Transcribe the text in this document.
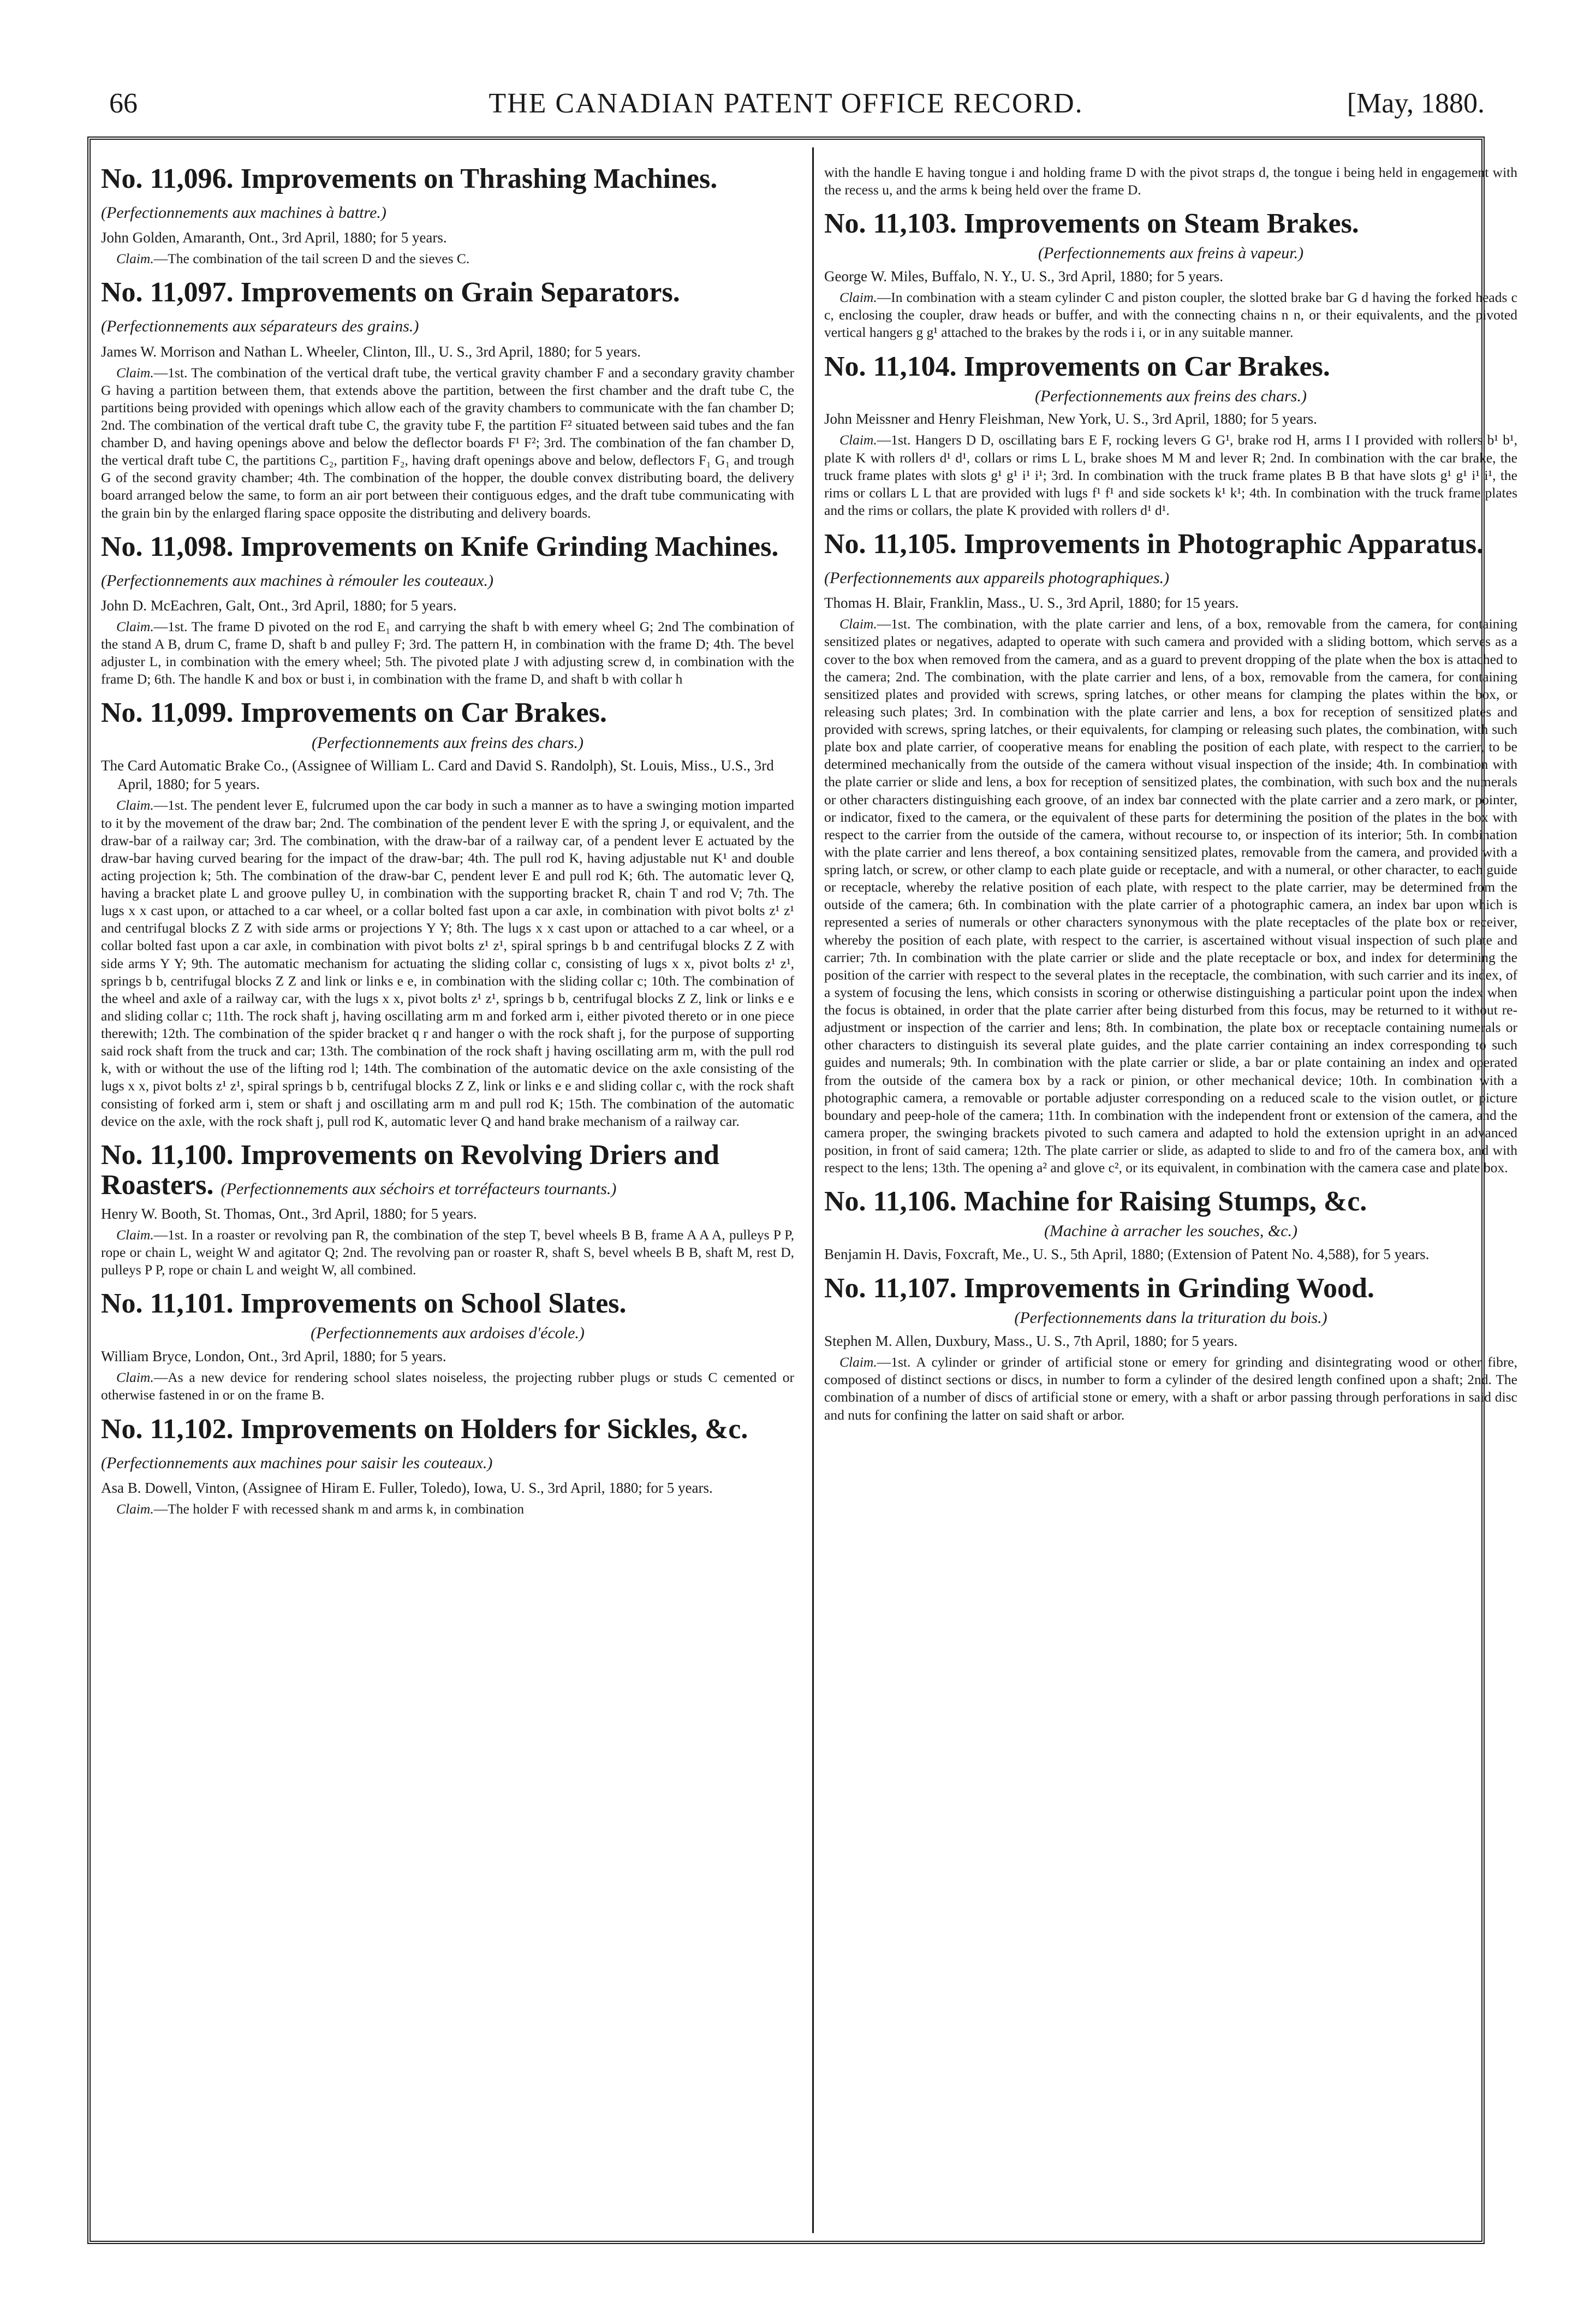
66	THE CANADIAN PATENT OFFICE RECORD.	[May, 1880.
No. 11,096. Improvements on Thrashing Machines. (Perfectionnements aux machines à battre.)

John Golden, Amaranth, Ont., 3rd April, 1880; for 5 years.

Claim.—The combination of the tail screen D and the sieves C.

No. 11,097. Improvements on Grain Separators. (Perfectionnements aux séparateurs des grains.)

James W. Morrison and Nathan L. Wheeler, Clinton, Ill., U. S., 3rd April, 1880; for 5 years.

Claim.—1st. The combination of the vertical draft tube, the vertical gravity chamber F and a secondary gravity chamber G having a partition between them, that extends above the partition, between the first chamber and the draft tube C, the partitions being provided with openings which allow each of the gravity chambers to communicate with the fan chamber D; 2nd. The combination of the vertical draft tube C, the gravity tube F, the partition F² situated between said tubes and the fan chamber D, and having openings above and below the deflector boards F¹ F²; 3rd. The combination of the fan chamber D, the vertical draft tube C, the partitions C₂, partition F₂, having draft openings above and below, deflectors F₁ G₁ and trough G of the second gravity chamber; 4th. The combination of the hopper, the double convex distributing board, the delivery board arranged below the same, to form an air port between their contiguous edges, and the draft tube communicating with the grain bin by the enlarged flaring space opposite the distributing and delivery boards.

No. 11,098. Improvements on Knife Grinding Machines. (Perfectionnements aux machines à rémouler les couteaux.)

John D. McEachren, Galt, Ont., 3rd April, 1880; for 5 years.

Claim.—1st. The frame D pivoted on the rod E₁ and carrying the shaft b with emery wheel G; 2nd The combination of the stand A B, drum C, frame D, shaft b and pulley F; 3rd. The pattern H, in combination with the frame D; 4th. The bevel adjuster L, in combination with the emery wheel; 5th. The pivoted plate J with adjusting screw d, in combination with the frame D; 6th. The handle K and box or bust i, in combination with the frame D, and shaft b with collar h

No. 11,099. Improvements on Car Brakes.
(Perfectionnements aux freins des chars.)

The Card Automatic Brake Co., (Assignee of William L. Card and David S. Randolph), St. Louis, Miss., U.S., 3rd April, 1880; for 5 years.

Claim.—1st. The pendent lever E, fulcrumed upon the car body in such a manner as to have a swinging motion imparted to it by the movement of the draw bar; 2nd. The combination of the pendent lever E with the spring J, or equivalent, and the draw-bar of a railway car; 3rd. The combination, with the draw-bar of a railway car, of a pendent lever E actuated by the draw-bar having curved bearing for the impact of the draw-bar; 4th. The pull rod K, having adjustable nut K¹ and double acting projection k; 5th. The combination of the draw-bar C, pendent lever E and pull rod K; 6th. The automatic lever Q, having a bracket plate L and groove pulley U, in combination with the supporting bracket R, chain T and rod V; 7th. The lugs x x cast upon, or attached to a car wheel, or a collar bolted fast upon a car axle, in combination with pivot bolts z¹ z¹ and centrifugal blocks Z Z with side arms or projections Y Y; 8th. The lugs x x cast upon or attached to a car wheel, or a collar bolted fast upon a car axle, in combination with pivot bolts z¹ z¹, spiral springs b b and centrifugal blocks Z Z with side arms Y Y; 9th. The automatic mechanism for actuating the sliding collar c, consisting of lugs x x, pivot bolts z¹ z¹, springs b b, centrifugal blocks Z Z and link or links e e, in combination with the sliding collar c; 10th. The combination of the wheel and axle of a railway car, with the lugs x x, pivot bolts z¹ z¹, springs b b, centrifugal blocks Z Z, link or links e e and sliding collar c; 11th. The rock shaft j, having oscillating arm m and forked arm i, either pivoted thereto or in one piece therewith; 12th. The combination of the spider bracket q r and hanger o with the rock shaft j, for the purpose of supporting said rock shaft from the truck and car; 13th. The combination of the rock shaft j having oscillating arm m, with the pull rod k, with or without the use of the lifting rod l; 14th. The combination of the automatic device on the axle consisting of the lugs x x, pivot bolts z¹ z¹, spiral springs b b, centrifugal blocks Z Z, link or links e e and sliding collar c, with the rock shaft consisting of forked arm i, stem or shaft j and oscillating arm m and pull rod K; 15th. The combination of the automatic device on the axle, with the rock shaft j, pull rod K, automatic lever Q and hand brake mechanism of a railway car.

No. 11,100. Improvements on Revolving Driers and Roasters. (Perfectionnements aux séchoirs et torréfacteurs tournants.)

Henry W. Booth, St. Thomas, Ont., 3rd April, 1880; for 5 years.

Claim.—1st. In a roaster or revolving pan R, the combination of the step T, bevel wheels B B, frame A A A, pulleys P P, rope or chain L, weight W and agitator Q; 2nd. The revolving pan or roaster R, shaft S, bevel wheels B B, shaft M, rest D, pulleys P P, rope or chain L and weight W, all combined.

No. 11,101. Improvements on School Slates.
(Perfectionnements aux ardoises d'école.)

William Bryce, London, Ont., 3rd April, 1880; for 5 years.

Claim.—As a new device for rendering school slates noiseless, the projecting rubber plugs or studs C cemented or otherwise fastened in or on the frame B.

No. 11,102. Improvements on Holders for Sickles, &c. (Perfectionnements aux machines pour saisir les couteaux.)

Asa B. Dowell, Vinton, (Assignee of Hiram E. Fuller, Toledo), Iowa, U. S., 3rd April, 1880; for 5 years.

Claim.—The holder F with recessed shank m and arms k, in combination

with the handle E having tongue i and holding frame D with the pivot straps d, the tongue i being held in engagement with the recess u, and the arms k being held over the frame D.

No. 11,103. Improvements on Steam Brakes.
(Perfectionnements aux freins à vapeur.)

George W. Miles, Buffalo, N. Y., U. S., 3rd April, 1880; for 5 years.

Claim.—In combination with a steam cylinder C and piston coupler, the slotted brake bar G d having the forked heads c c, enclosing the coupler, draw heads or buffer, and with the connecting chains n n, or their equivalents, and the pivoted vertical hangers g g¹ attached to the brakes by the rods i i, or in any suitable manner.

No. 11,104. Improvements on Car Brakes.
(Perfectionnements aux freins des chars.)

John Meissner and Henry Fleishman, New York, U. S., 3rd April, 1880; for 5 years.

Claim.—1st. Hangers D D, oscillating bars E F, rocking levers G G¹, brake rod H, arms I I provided with rollers b¹ b¹, plate K with rollers d¹ d¹, collars or rims L L, brake shoes M M and lever R; 2nd. In combination with the car brake, the truck frame plates with slots g¹ g¹ i¹ i¹; 3rd. In combination with the truck frame plates B B that have slots g¹ g¹ i¹ i¹, the rims or collars L L that are provided with lugs f¹ f¹ and side sockets k¹ k¹; 4th. In combination with the truck frame plates and the rims or collars, the plate K provided with rollers d¹ d¹.

No. 11,105. Improvements in Photographic Apparatus. (Perfectionnements aux appareils photographiques.)

Thomas H. Blair, Franklin, Mass., U. S., 3rd April, 1880; for 15 years.

Claim.—1st. The combination, with the plate carrier and lens, of a box, removable from the camera, for containing sensitized plates or negatives, adapted to operate with such camera and provided with a sliding bottom, which serves as a cover to the box when removed from the camera, and as a guard to prevent dropping of the plate when the box is attached to the camera; 2nd. The combination, with the plate carrier and lens, of a box, removable from the camera, for containing sensitized plates and provided with screws, spring latches, or other means for clamping the plates within the box, or releasing such plates; 3rd. In combination with the plate carrier and lens, a box for reception of sensitized plates and provided with screws, spring latches, or their equivalents, for clamping or releasing such plates, the combination, with such plate box and plate carrier, of cooperative means for enabling the position of each plate, with respect to the carrier, to be determined mechanically from the outside of the camera without visual inspection of the inside; 4th. In combination with the plate carrier or slide and lens, a box for reception of sensitized plates, the combination, with such box and the numerals or other characters distinguishing each groove, of an index bar connected with the plate carrier and a zero mark, or pointer, or indicator, fixed to the camera, or the equivalent of these parts for determining the position of the plates in the box with respect to the carrier from the outside of the camera, without recourse to, or inspection of its interior; 5th. In combination with the plate carrier and lens thereof, a box containing sensitized plates, removable from the camera, and provided with a spring latch, or screw, or other clamp to each plate guide or receptacle, and with a numeral, or other character, to each guide or receptacle, whereby the relative position of each plate, with respect to the plate carrier, may be determined from the outside of the camera; 6th. In combination with the plate carrier of a photographic camera, an index bar upon which is represented a series of numerals or other characters synonymous with the plate receptacles of the plate box or receiver, whereby the position of each plate, with respect to the carrier, is ascertained without visual inspection of such plate and carrier; 7th. In combination with the plate carrier or slide and the plate receptacle or box, and index for determining the position of the carrier with respect to the several plates in the receptacle, the combination, with such carrier and its index, of a system of focusing the lens, which consists in scoring or otherwise distinguishing a particular point upon the index when the focus is obtained, in order that the plate carrier after being disturbed from this focus, may be returned to it without re-adjustment or inspection of the carrier and lens; 8th. In combination, the plate box or receptacle containing numerals or other characters to distinguish its several plate guides, and the plate carrier containing an index corresponding to such guides and numerals; 9th. In combination with the plate carrier or slide, a bar or plate containing an index and operated from the outside of the camera box by a rack or pinion, or other mechanical device; 10th. In combination with a photographic camera, a removable or portable adjuster corresponding on a reduced scale to the vision outlet, or picture boundary and peep-hole of the camera; 11th. In combination with the independent front or extension of the camera, and the camera proper, the swinging brackets pivoted to such camera and adapted to hold the extension upright in an advanced position, in front of said camera; 12th. The plate carrier or slide, as adapted to slide to and fro of the camera box, and with respect to the lens; 13th. The opening a² and glove c², or its equivalent, in combination with the camera case and plate box.

No. 11,106. Machine for Raising Stumps, &c.
(Machine à arracher les souches, &c.)

Benjamin H. Davis, Foxcraft, Me., U. S., 5th April, 1880; (Extension of Patent No. 4,588), for 5 years.

No. 11,107. Improvements in Grinding Wood.
(Perfectionnements dans la trituration du bois.)

Stephen M. Allen, Duxbury, Mass., U. S., 7th April, 1880; for 5 years.

Claim.—1st. A cylinder or grinder of artificial stone or emery for grinding and disintegrating wood or other fibre, composed of distinct sections or discs, in number to form a cylinder of the desired length confined upon a shaft; 2nd. The combination of a number of discs of artificial stone or emery, with a shaft or arbor passing through perforations in said disc and nuts for confining the latter on said shaft or arbor.
